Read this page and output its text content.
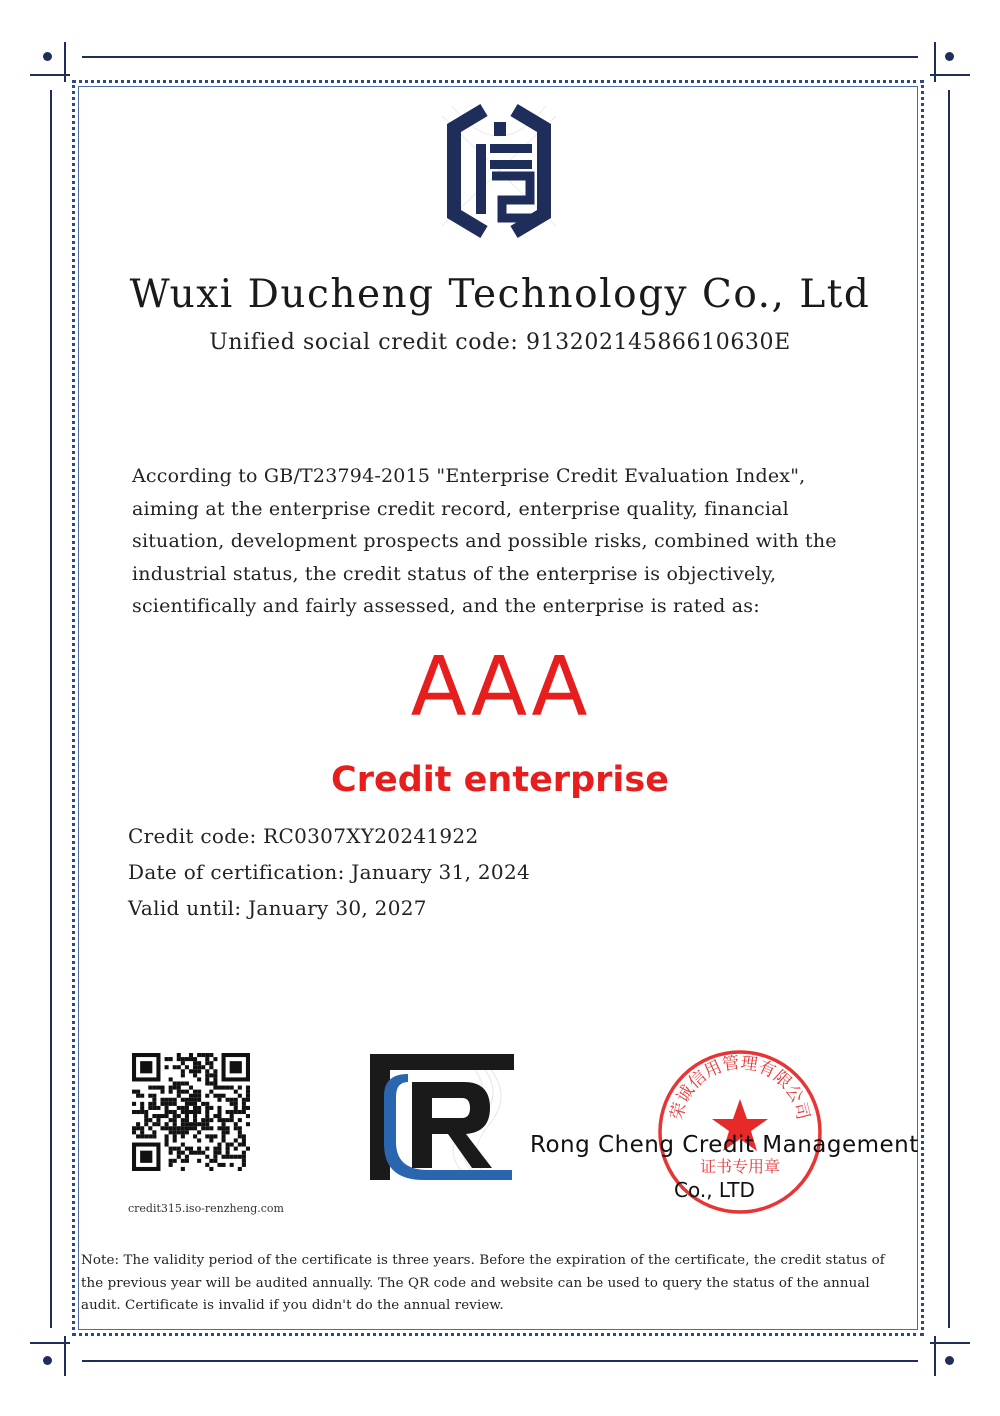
Wuxi Ducheng Technology Co., Ltd
Unified social credit code: 91320214586610630E
According to GB/T23794-2015 "Enterprise Credit Evaluation Index",
aiming at the enterprise credit record, enterprise quality, financial
situation, development prospects and possible risks, combined with the
industrial status, the credit status of the enterprise is objectively,
scientifically and fairly assessed, and the enterprise is rated as:
AAA
Credit enterprise
Credit code: RC0307XY20241922
Date of certification: January 31, 2024
Valid until: January 30, 2027
credit315.iso-renzheng.com
荣诚信用管理有限公司
证书专用章
Rong Cheng Credit Management
Co., LTD
Note: The validity period of the certificate is three years. Before the expiration of the certificate, the credit status of
the previous year will be audited annually. The QR code and website can be used to query the status of the annual
audit. Certificate is invalid if you didn't do the annual review.
